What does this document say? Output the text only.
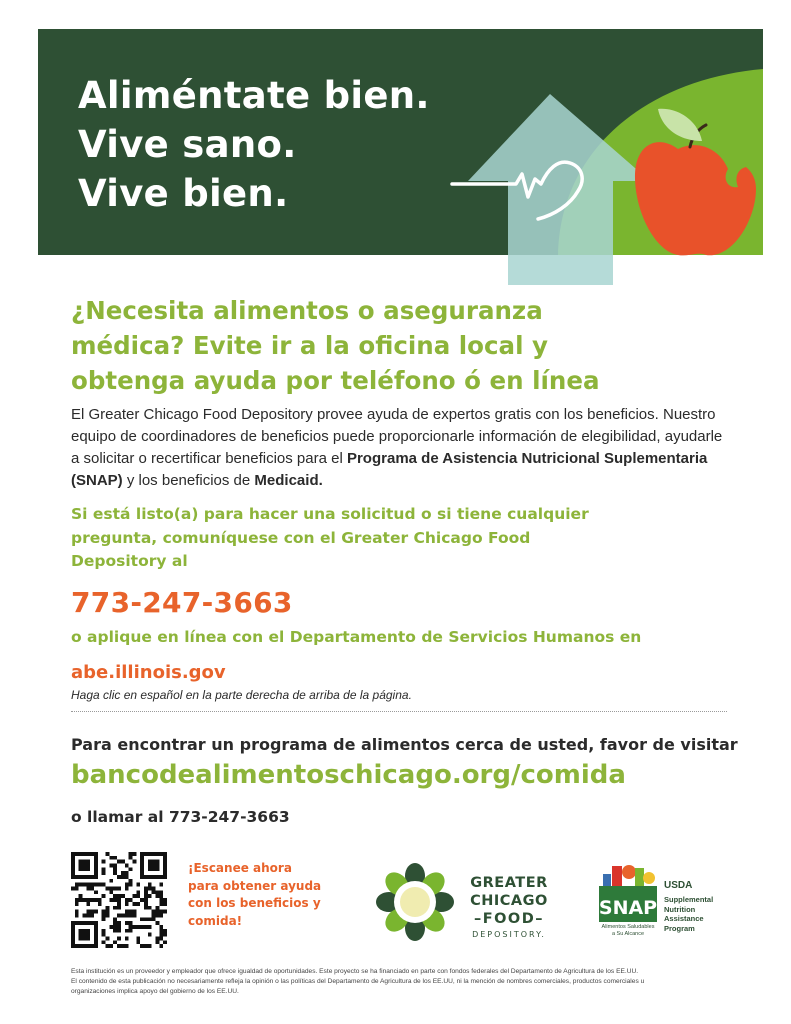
Aliméntate bien.
Vive sano.
Vive bien.
¿Necesita alimentos o aseguranza
médica? Evite ir a la oficina local y
obtenga ayuda por teléfono ó en línea

El Greater Chicago Food Depository provee ayuda de expertos gratis con los beneficios. Nuestro equipo de coordinadores de beneficios puede proporcionarle información de elegibilidad, ayudarle a solicitar o recertificar beneficios para el Programa de Asistencia Nutricional Suplementaria (SNAP) y los beneficios de Medicaid.

Si está listo(a) para hacer una solicitud o si tiene cualquier
pregunta, comuníquese con el Greater Chicago Food
Depository al
773-247-3663
o aplique en línea con el Departamento de Servicios Humanos en
abe.illinois.gov
Haga clic en español en la parte derecha de arriba de la página.
Para encontrar un programa de alimentos cerca de usted, favor de visitar
bancodealimentoschicago.org/comida
o llamar al 773-247-3663
¡Escanee ahora
para obtener ayuda
con los beneficios y
comida!
GREATER
CHICAGO
–FOOD–
DEPOSITORY.
SNAP
Alimentos Saludables
a Su Alcance
USDA
Supplemental
Nutrition
Assistance
Program
Esta institución es un proveedor y empleador que ofrece igualdad de oportunidades. Este proyecto se ha financiado en parte con fondos federales del Departamento de Agricultura de los EE.UU.
El contenido de esta publicación no necesariamente refleja la opinión o las políticas del Departamento de Agricultura de los EE.UU, ni la mención de nombres comerciales, productos comerciales u
organizaciones implica apoyo del gobierno de los EE.UU.
